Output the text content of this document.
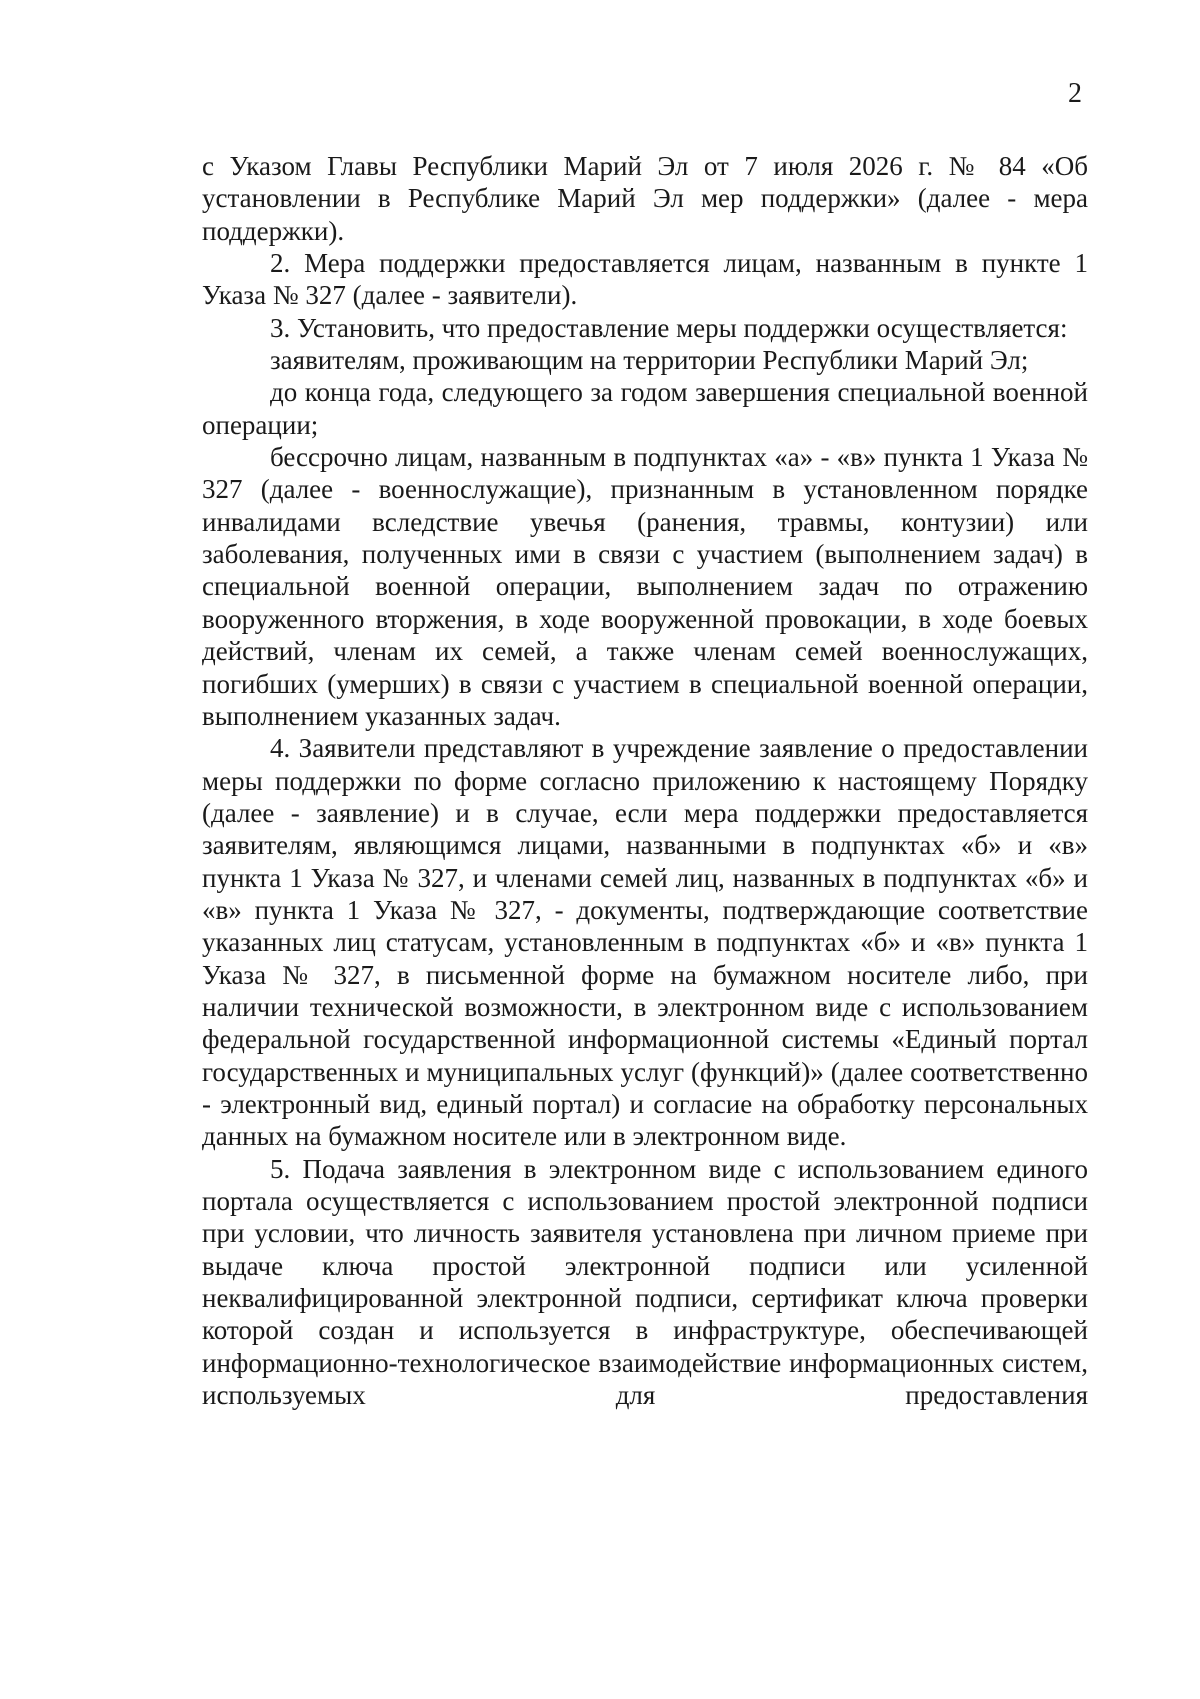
2

с Указом Главы Республики Марий Эл от 7 июля 2026 г. № 84 «Об установлении в Республике Марий Эл мер поддержки» (далее - мера поддержки).

2. Мера поддержки предоставляется лицам, названным в пункте 1 Указа № 327 (далее - заявители).

3. Установить, что предоставление меры поддержки осуществляется:

заявителям, проживающим на территории Республики Марий Эл;

до конца года, следующего за годом завершения специальной военной операции;

бессрочно лицам, названным в подпунктах «а» - «в» пункта 1 Указа № 327 (далее - военнослужащие), признанным в установленном порядке инвалидами вследствие увечья (ранения, травмы, контузии) или заболевания, полученных ими в связи с участием (выполнением задач) в специальной военной операции, выполнением задач по отражению вооруженного вторжения, в ходе вооруженной провокации, в ходе боевых действий, членам их семей, а также членам семей военнослужащих, погибших (умерших) в связи с участием в специальной военной операции, выполнением указанных задач.

4. Заявители представляют в учреждение заявление о предоставлении меры поддержки по форме согласно приложению к настоящему Порядку (далее - заявление) и в случае, если мера поддержки предоставляется заявителям, являющимся лицами, названными в подпунктах «б» и «в» пункта 1 Указа № 327, и членами семей лиц, названных в подпунктах «б» и «в» пункта 1 Указа № 327, - документы, подтверждающие соответствие указанных лиц статусам, установленным в подпунктах «б» и «в» пункта 1 Указа № 327, в письменной форме на бумажном носителе либо, при наличии технической возможности, в электронном виде с использованием федеральной государственной информационной системы «Единый портал государственных и муниципальных услуг (функций)» (далее соответственно - электронный вид, единый портал) и согласие на обработку персональных данных на бумажном носителе или в электронном виде.

5. Подача заявления в электронном виде с использованием единого портала осуществляется с использованием простой электронной подписи при условии, что личность заявителя установлена при личном приеме при выдаче ключа простой электронной подписи или усиленной неквалифицированной электронной подписи, сертификат ключа проверки которой создан и используется в инфраструктуре, обеспечивающей информационно-технологическое взаимодействие информационных систем, используемых для предоставления
